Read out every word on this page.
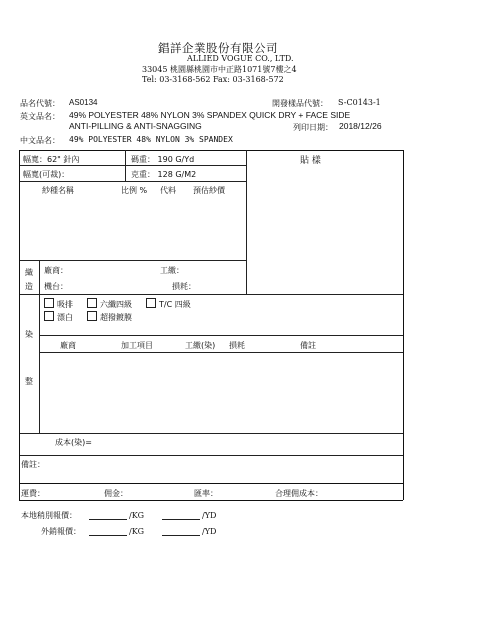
錩詳企業股份有限公司
ALLIED VOGUE CO., LTD.
33045 桃園縣桃園市中正路1071號7樓之4
Tel: 03-3168-562 Fax: 03-3168-572
品名代號： AS0134	開發樣品代號： S-C0143-1
英文品名： 49% POLYESTER 48% NYLON 3% SPANDEX QUICK DRY + FACE SIDE
ANTI-PILLING & ANTI-SNAGGING	列印日期： 2018/12/26
中文品名： 49% POLYESTER 48% NYLON 3% SPANDEX
幅寬：62" 針內	碼重： 190 G/Yd	貼 樣
幅寬(可裁)：	克重： 128 G/M2
紗種名稱	比例 % 代料 預估紗價
織
造
廠商：	工繳：
機台：	損耗：
染
整
吸排	六纖四級	T/C 四級
漂白	超撥鍍膜
廠商	加工項目	工繳(染) 損耗	備註
成本(染)=
備註：
運費：	佣金：	匯率：	合理佣成本：
本地稍別報價：	/KG	/YD
外銷報價：	/KG	/YD
